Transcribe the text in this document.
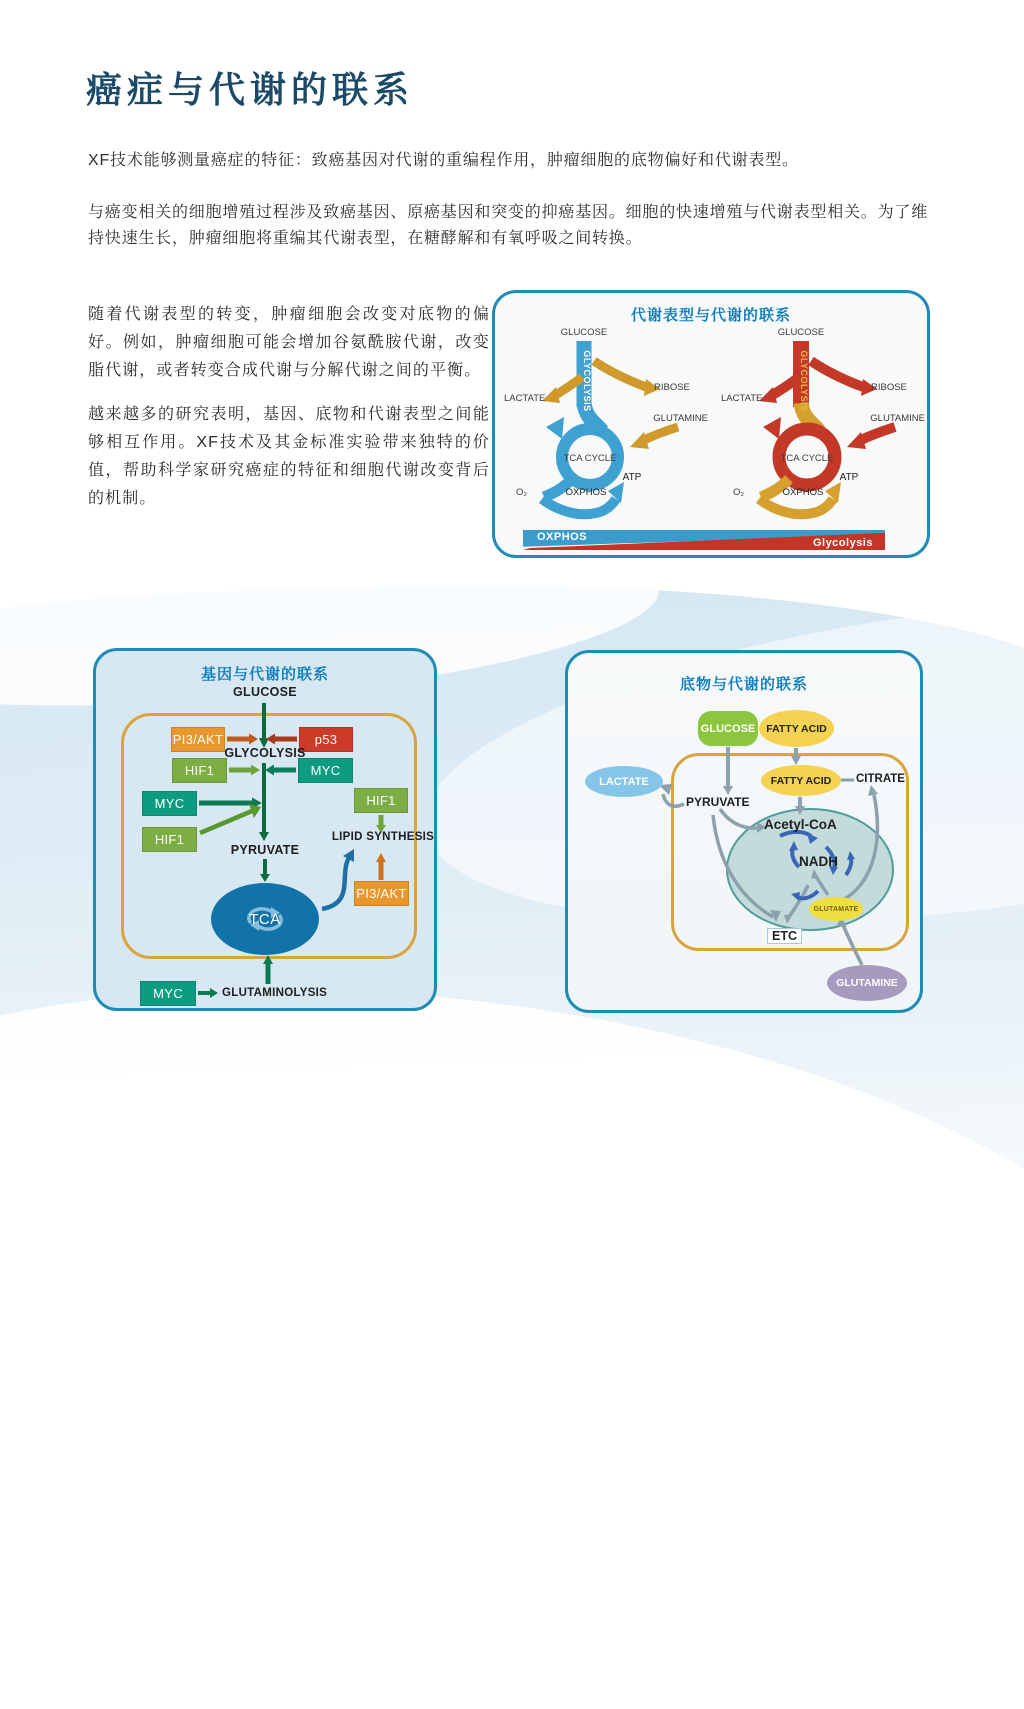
癌症与代谢的联系

XF技术能够测量癌症的特征：致癌基因对代谢的重编程作用，肿瘤细胞的底物偏好和代谢表型。

与癌变相关的细胞增殖过程涉及致癌基因、原癌基因和突变的抑癌基因。细胞的快速增殖与代谢表型相关。为了维持快速生长，肿瘤细胞将重编其代谢表型，在糖酵解和有氧呼吸之间转换。

随着代谢表型的转变，肿瘤细胞会改变对底物的偏好。例如，肿瘤细胞可能会增加谷氨酰胺代谢，改变脂代谢，或者转变合成代谢与分解代谢之间的平衡。

越来越多的研究表明，基因、底物和代谢表型之间能够相互作用。XF技术及其金标准实验带来独特的价值，帮助科学家研究癌症的特征和细胞代谢改变背后的机制。

代谢表型与代谢的联系
GLUCOSE
GLYCOLYSIS
LACTATE
RIBOSE
GLUTAMINE
TCA CYCLE
O₂	OXPHOS
ATP
GLUCOSE
GLYCOLYSIS
LACTATE
RIBOSE
GLUTAMINE
TCA CYCLE
O₂	OXPHOS
ATP
OXPHOS	Glycolysis
基因与代谢的联系
GLUCOSE
PI3/AKT	p53
HIF1	MYC
MYC	HIF1
HIF1
PI3/AKT
MYC
GLYCOLYSIS
PYRUVATE
LIPID SYNTHESIS
GLUTAMINOLYSIS
TCA
底物与代谢的联系
GLUCOSE	FATTY ACID
LACTATE	FATTY ACID	CITRATE
PYRUVATE
Acetyl-CoA
NADH
GLUTAMATE
ETC
GLUTAMINE
